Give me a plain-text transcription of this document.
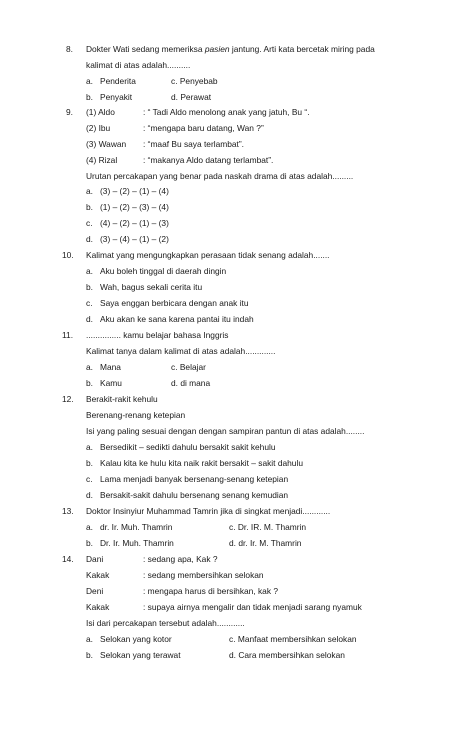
8. Dokter Wati sedang memeriksa pasien jantung. Arti kata bercetak miring pada
kalimat di atas adalah..........
a. Penderita	c. Penyebab
b. Penyakit	d. Perawat
9. (1) Aldo	: “ Tadi Aldo menolong anak yang jatuh, Bu “.
(2) Ibu	: “mengapa baru datang, Wan ?”
(3) Wawan : “maaf Bu saya terlambat”.
(4) Rizal	: “makanya Aldo datang terlambat”.
Urutan percakapan yang benar pada naskah drama di atas adalah.........
a. (3) – (2) – (1) – (4)
b. (1) – (2) – (3) – (4)
c. (4) – (2) – (1) – (3)
d. (3) – (4) – (1) – (2)
10. Kalimat yang mengungkapkan perasaan tidak senang adalah.......
a. Aku boleh tinggal di daerah dingin
b. Wah, bagus sekali cerita itu
c. Saya enggan berbicara dengan anak itu
d. Aku akan ke sana karena pantai itu indah
11. ............... kamu belajar bahasa Inggris
Kalimat tanya dalam kalimat di atas adalah.............
a. Mana	c. Belajar
b. Kamu	d. di mana
12. Berakit-rakit kehulu
Berenang-renang ketepian
Isi yang paling sesuai dengan dengan sampiran pantun di atas adalah........
a. Bersedikit – sedikti dahulu bersakit sakit kehulu
b. Kalau kita ke hulu kita naik rakit bersakit – sakit dahulu
c. Lama menjadi banyak bersenang-senang ketepian
d. Bersakit-sakit dahulu bersenang senang kemudian
13. Doktor Insinyiur Muhammad Tamrin jika di singkat menjadi............
a. dr. Ir. Muh. Thamrin	c. Dr. IR. M. Thamrin
b. Dr. Ir. Muh. Thamrin	d. dr. Ir. M. Thamrin
14. Dani	: sedang apa, Kak ?
Kakak	: sedang membersihkan selokan
Deni	: mengapa harus di bersihkan, kak ?
Kakak	: supaya airnya mengalir dan tidak menjadi sarang nyamuk
Isi dari percakapan tersebut adalah............
a. Selokan yang kotor	c. Manfaat membersihkan selokan
b. Selokan yang terawat	d. Cara membersihkan selokan
